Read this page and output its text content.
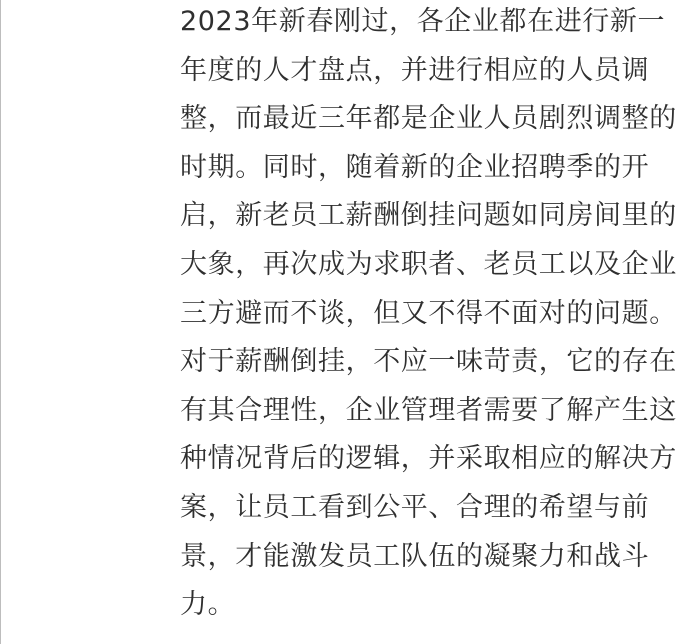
2023年新春刚过，各企业都在进行新一
年度的人才盘点，并进行相应的人员调
整，而最近三年都是企业人员剧烈调整的
时期。同时，随着新的企业招聘季的开
启，新老员工薪酬倒挂问题如同房间里的
大象，再次成为求职者、老员工以及企业
三方避而不谈，但又不得不面对的问题。
对于薪酬倒挂，不应一味苛责，它的存在
有其合理性，企业管理者需要了解产生这
种情况背后的逻辑，并采取相应的解决方
案，让员工看到公平、合理的希望与前
景，才能激发员工队伍的凝聚力和战斗
力。
